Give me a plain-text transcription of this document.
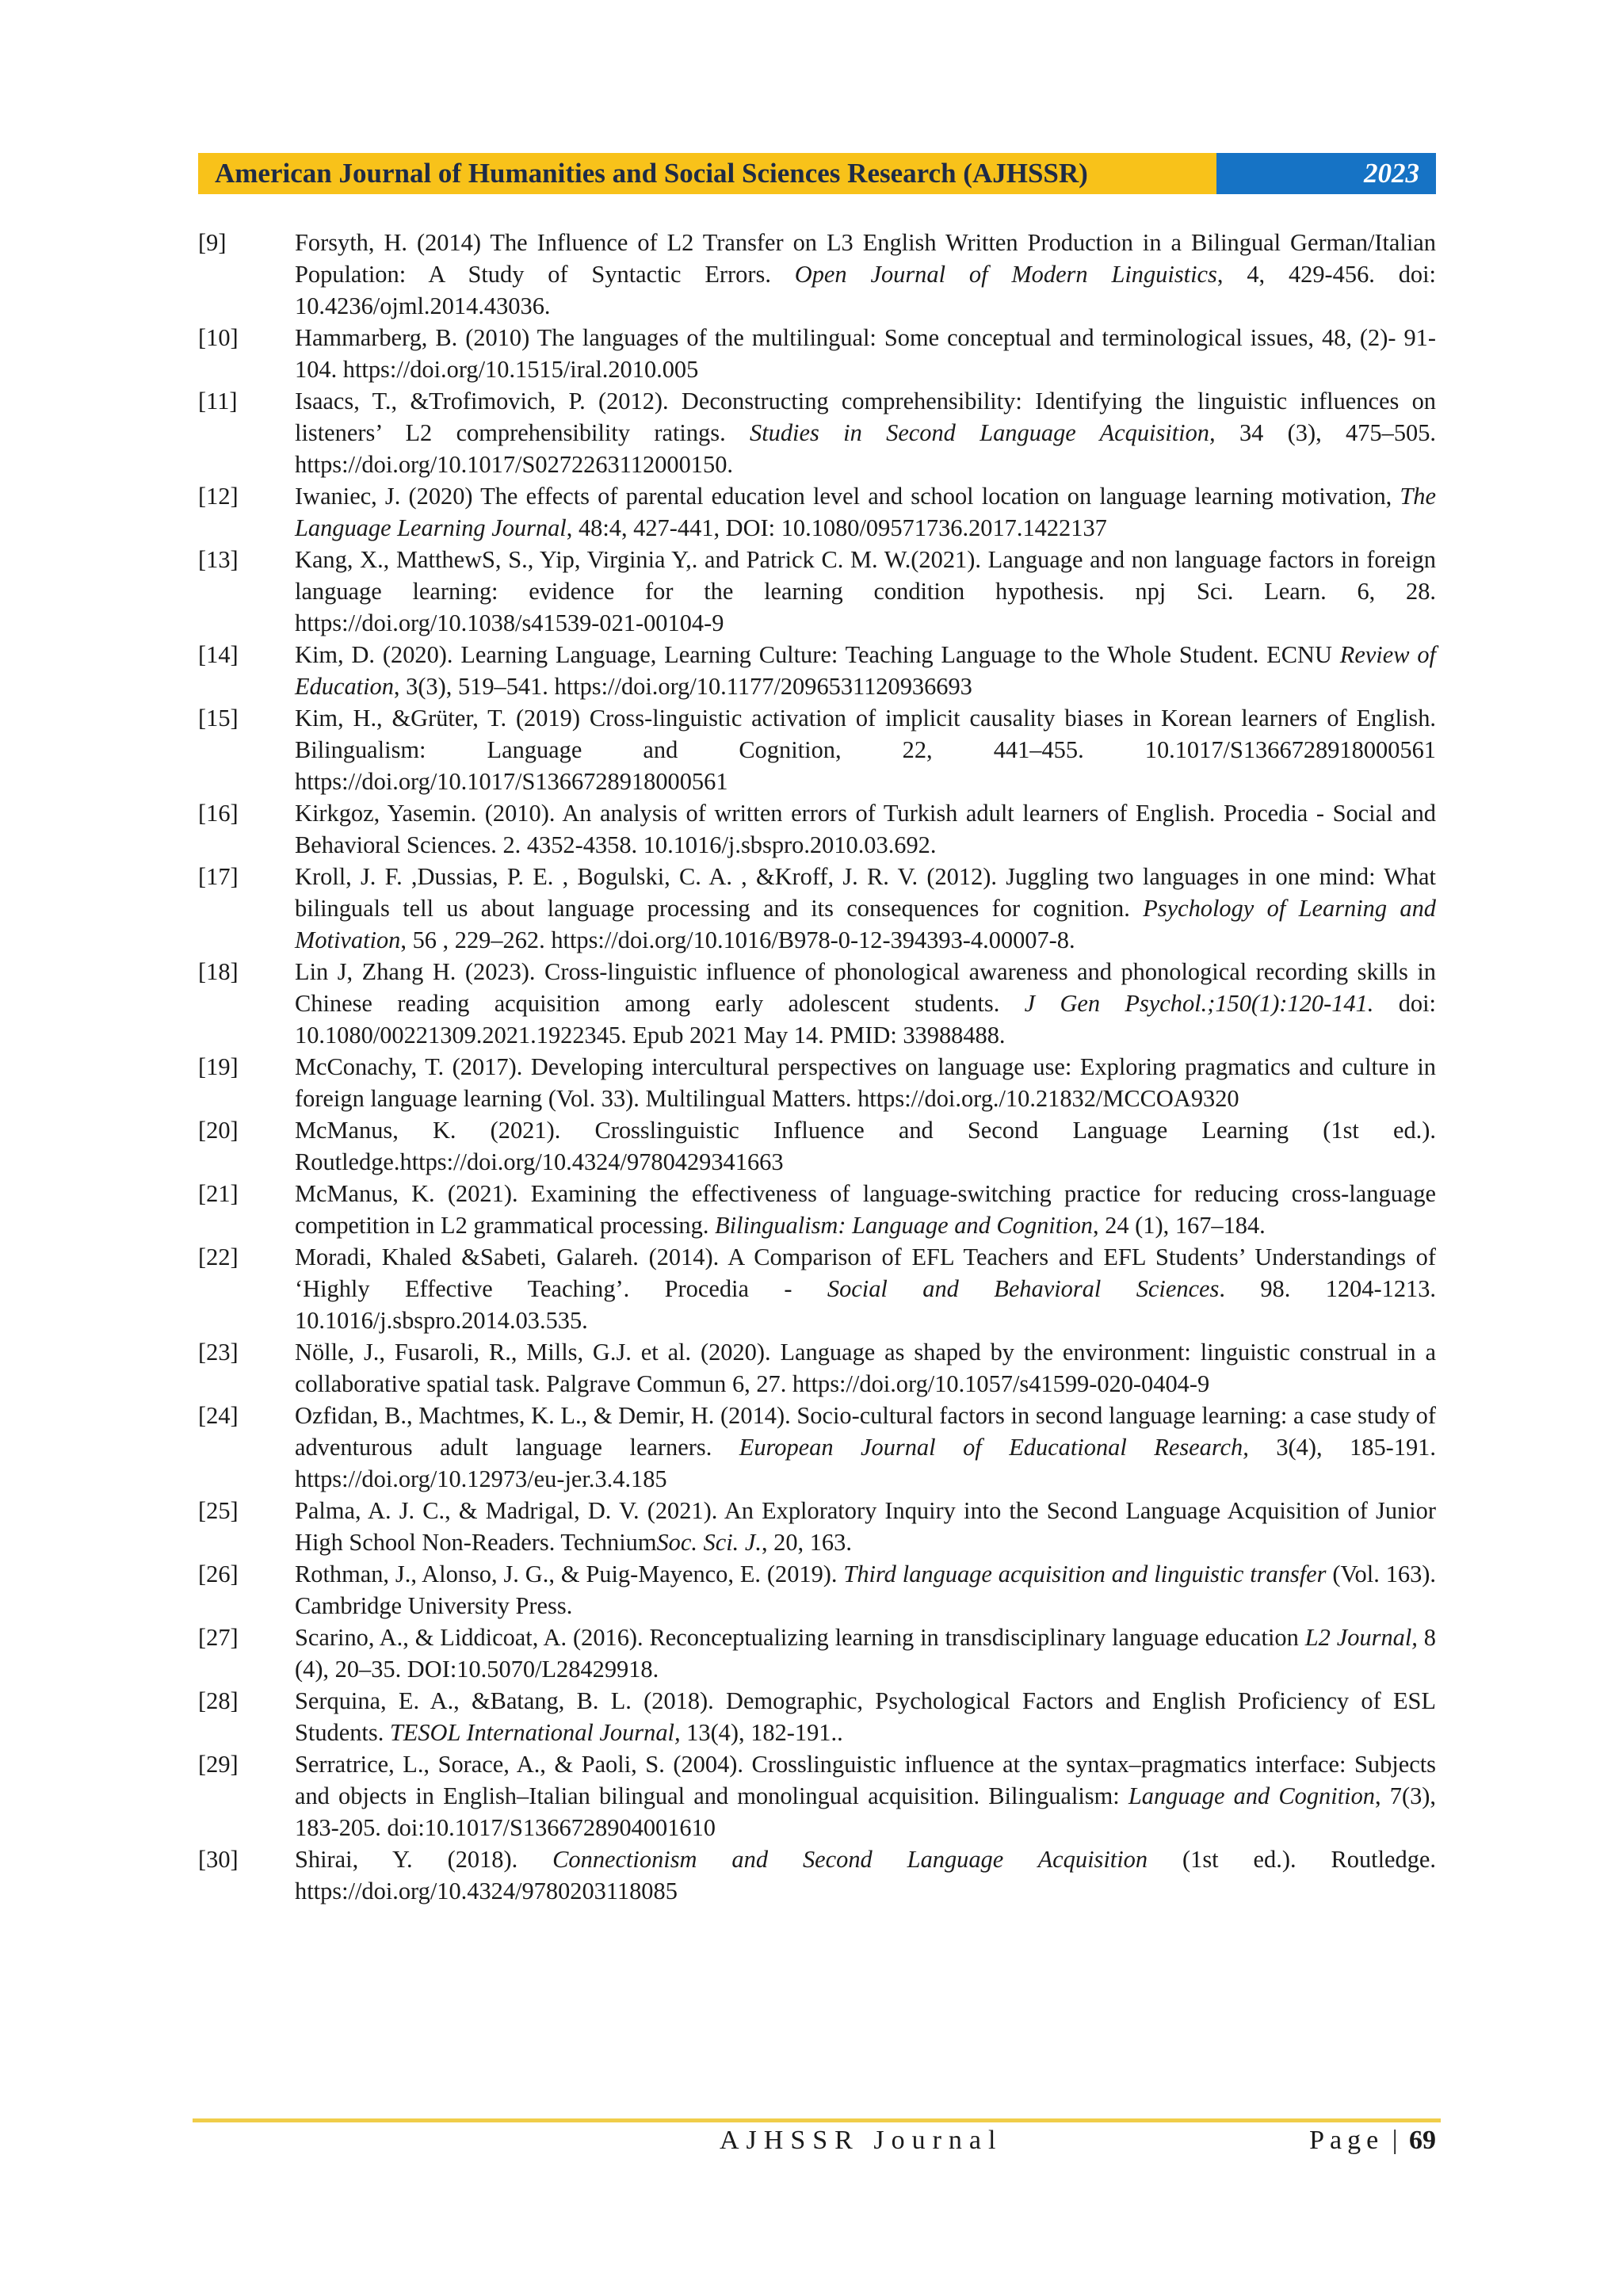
American Journal of Humanities and Social Sciences Research (AJHSSR)	2023
[9]	Forsyth, H. (2014) The Influence of L2 Transfer on L3 English Written Production in a Bilingual German/Italian Population: A Study of Syntactic Errors. Open Journal of Modern Linguistics, 4, 429-456. doi: 10.4236/ojml.2014.43036.
[10]	Hammarberg, B. (2010) The languages of the multilingual: Some conceptual and terminological issues, 48, (2)- 91-104. https://doi.org/10.1515/iral.2010.005
[11]	Isaacs, T., &Trofimovich, P. (2012). Deconstructing comprehensibility: Identifying the linguistic influences on listeners’ L2 comprehensibility ratings. Studies in Second Language Acquisition, 34 (3), 475–505. https://doi.org/10.1017/S0272263112000150.
[12]	Iwaniec, J. (2020) The effects of parental education level and school location on language learning motivation, The Language Learning Journal, 48:4, 427-441, DOI: 10.1080/09571736.2017.1422137
[13]	Kang, X., MatthewS, S., Yip, Virginia Y,. and Patrick C. M. W.(2021). Language and non language factors in foreign language learning: evidence for the learning condition hypothesis. npj Sci. Learn. 6, 28. https://doi.org/10.1038/s41539-021-00104-9
[14]	Kim, D. (2020). Learning Language, Learning Culture: Teaching Language to the Whole Student. ECNU Review of Education, 3(3), 519–541. https://doi.org/10.1177/2096531120936693
[15]	Kim, H., &Grüter, T. (2019) Cross-linguistic activation of implicit causality biases in Korean learners of English. Bilingualism: Language and Cognition, 22, 441–455. 10.1017/S1366728918000561 https://doi.org/10.1017/S1366728918000561
[16]	Kirkgoz, Yasemin. (2010). An analysis of written errors of Turkish adult learners of English. Procedia - Social and Behavioral Sciences. 2. 4352-4358. 10.1016/j.sbspro.2010.03.692.
[17]	Kroll, J. F. ,Dussias, P. E. , Bogulski, C. A. , &Kroff, J. R. V. (2012). Juggling two languages in one mind: What bilinguals tell us about language processing and its consequences for cognition. Psychology of Learning and Motivation, 56 , 229–262. https://doi.org/10.1016/B978-0-12-394393-4.00007-8.
[18]	Lin J, Zhang H. (2023). Cross-linguistic influence of phonological awareness and phonological recording skills in Chinese reading acquisition among early adolescent students. J Gen Psychol.;150(1):120-141. doi: 10.1080/00221309.2021.1922345. Epub 2021 May 14. PMID: 33988488.
[19]	McConachy, T. (2017). Developing intercultural perspectives on language use: Exploring pragmatics and culture in foreign language learning (Vol. 33). Multilingual Matters. https://doi.org./10.21832/MCCOA9320
[20]	McManus, K. (2021). Crosslinguistic Influence and Second Language Learning (1st ed.). Routledge.https://doi.org/10.4324/9780429341663
[21]	McManus, K. (2021). Examining the effectiveness of language-switching practice for reducing cross-language competition in L2 grammatical processing. Bilingualism: Language and Cognition, 24 (1), 167–184.
[22]	Moradi, Khaled &Sabeti, Galareh. (2014). A Comparison of EFL Teachers and EFL Students’ Understandings of ‘Highly Effective Teaching’. Procedia - Social and Behavioral Sciences. 98. 1204-1213. 10.1016/j.sbspro.2014.03.535.
[23]	Nölle, J., Fusaroli, R., Mills, G.J. et al. (2020). Language as shaped by the environment: linguistic construal in a collaborative spatial task. Palgrave Commun 6, 27. https://doi.org/10.1057/s41599-020-0404-9
[24]	Ozfidan, B., Machtmes, K. L., & Demir, H. (2014). Socio-cultural factors in second language learning: a case study of adventurous adult language learners. European Journal of Educational Research, 3(4), 185-191. https://doi.org/10.12973/eu-jer.3.4.185
[25]	Palma, A. J. C., & Madrigal, D. V. (2021). An Exploratory Inquiry into the Second Language Acquisition of Junior High School Non-Readers. TechniumSoc. Sci. J., 20, 163.
[26]	Rothman, J., Alonso, J. G., & Puig-Mayenco, E. (2019). Third language acquisition and linguistic transfer (Vol. 163). Cambridge University Press.
[27]	Scarino, A., & Liddicoat, A. (2016). Reconceptualizing learning in transdisciplinary language education L2 Journal, 8 (4), 20–35. DOI:10.5070/L28429918.
[28]	Serquina, E. A., &Batang, B. L. (2018). Demographic, Psychological Factors and English Proficiency of ESL Students. TESOL International Journal, 13(4), 182-191..
[29]	Serratrice, L., Sorace, A., & Paoli, S. (2004). Crosslinguistic influence at the syntax–pragmatics interface: Subjects and objects in English–Italian bilingual and monolingual acquisition. Bilingualism: Language and Cognition, 7(3), 183-205. doi:10.1017/S1366728904001610
[30]	Shirai, Y. (2018). Connectionism and Second Language Acquisition (1st ed.). Routledge. https://doi.org/10.4324/9780203118085
AJHSSR Journal	Page | 69
